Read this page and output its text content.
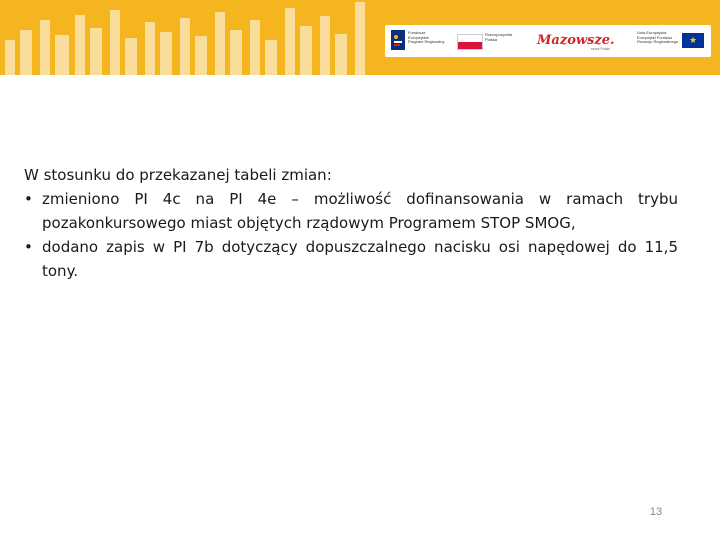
Fundusze
Europejskie
Program Regionalny
Rzeczpospolita
Polska	Mazowsze.
serce Polski
Unia Europejska
Europejski Fundusz
Rozwoju Regionalnego	★

W stosunku do przekazanej tabeli zmian:

• zmieniono PI 4c na PI 4e – możliwość dofinansowania w ramach trybu pozakonkursowego miast objętych rządowym Programem STOP SMOG,
• dodano zapis w PI 7b dotyczący dopuszczalnego nacisku osi napędowej do 11,5 tony.
13
